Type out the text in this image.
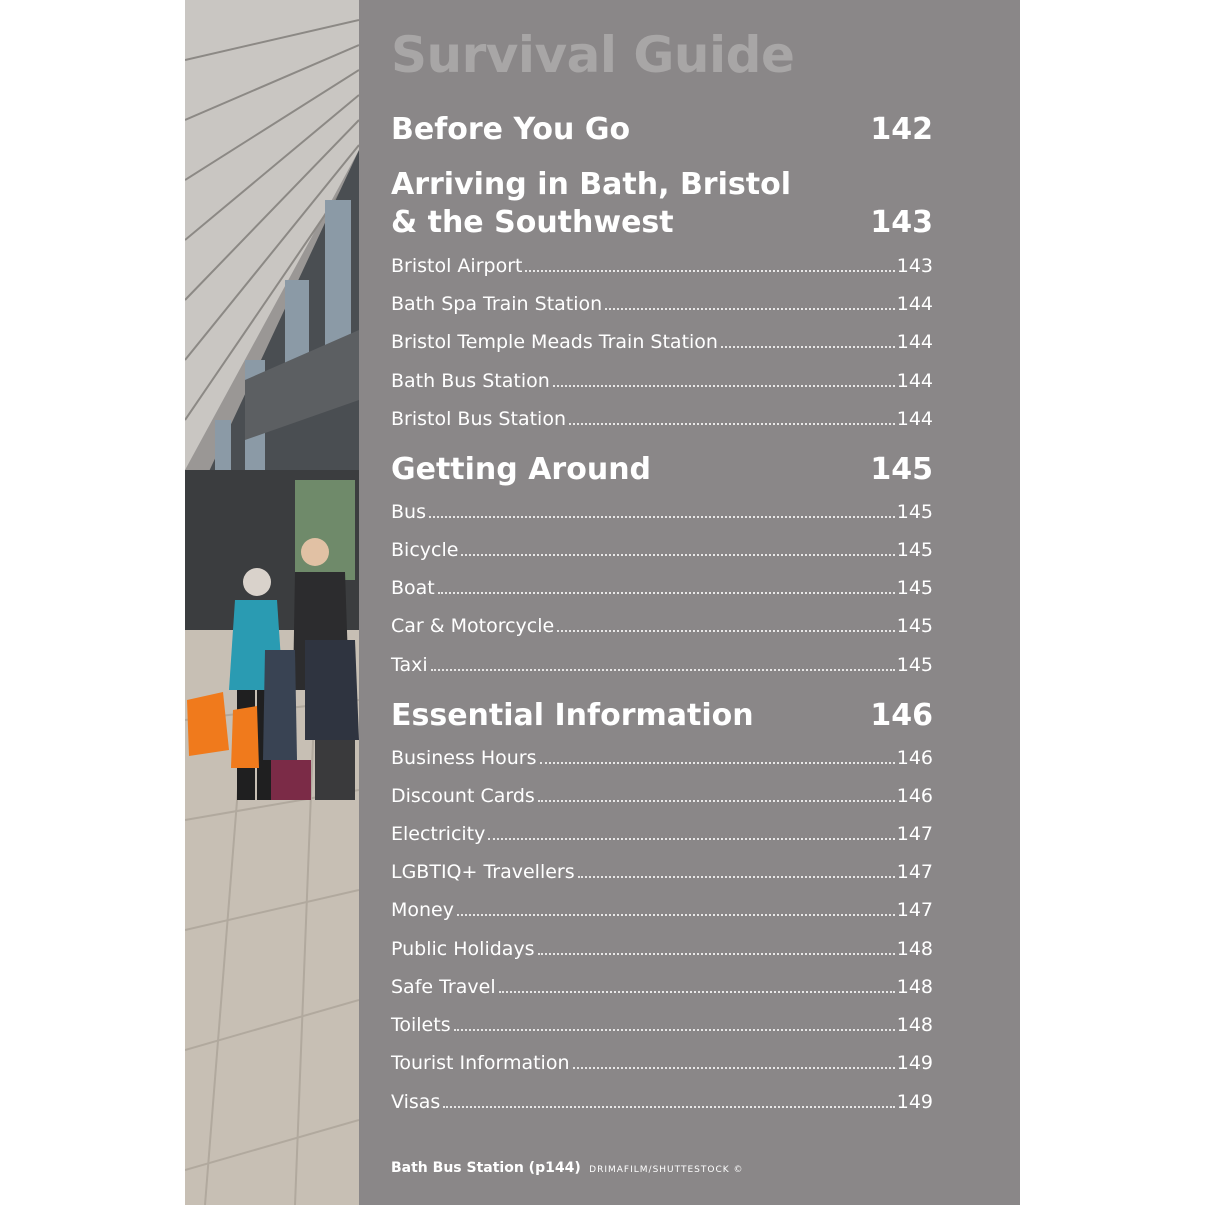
Survival Guide
Before You Go	142
Arriving in Bath, Bristol
& the Southwest	143
Bristol Airport	143
Bath Spa Train Station	144
Bristol Temple Meads Train Station	144
Bath Bus Station	144
Bristol Bus Station	144
Getting Around	145
Bus	145
Bicycle	145
Boat	145
Car & Motorcycle	145
Taxi	145
Essential Information	146
Business Hours	146
Discount Cards	146
Electricity	147
LGBTIQ+ Travellers	147
Money	147
Public Holidays	148
Safe Travel	148
Toilets	148
Tourist Information	149
Visas	149
Bath Bus Station (p144) DRIMAFILM/SHUTTESTOCK ©
